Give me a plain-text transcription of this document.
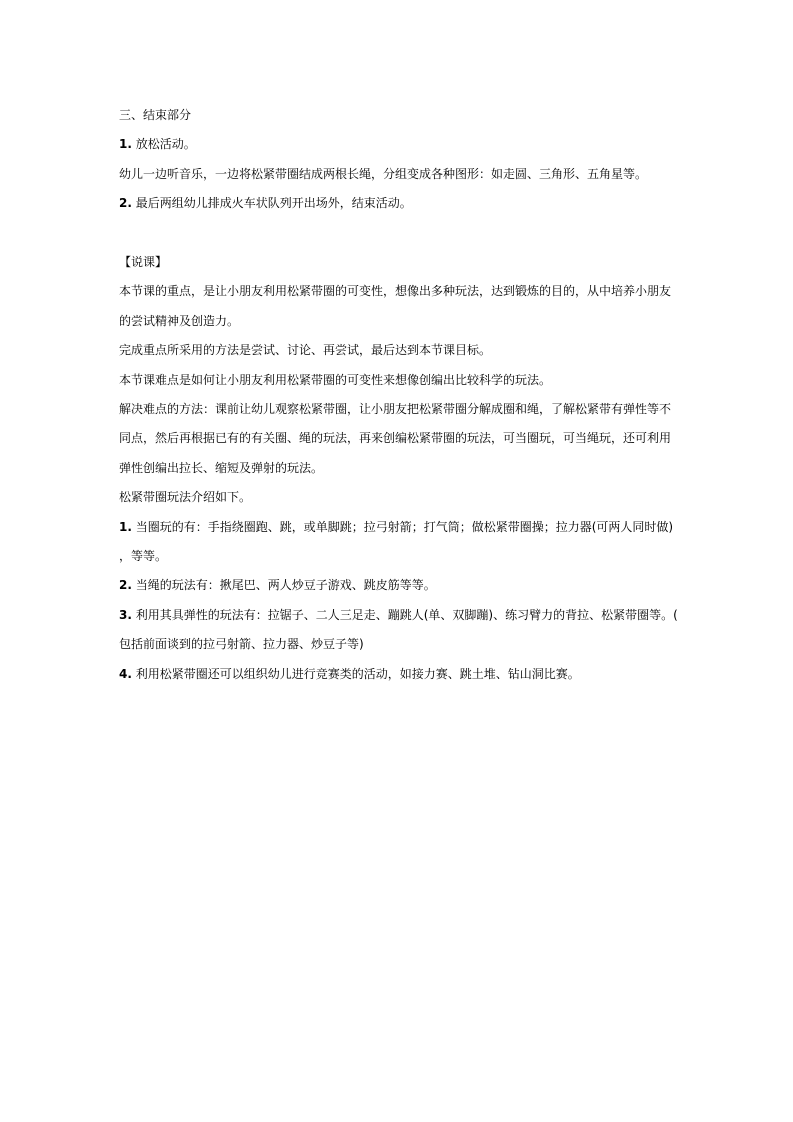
三、结束部分
1. 放松活动。
幼儿一边听音乐，一边将松紧带圈结成两根长绳，分组变成各种图形：如走圆、三角形、五角星等。
2. 最后两组幼儿排成火车状队列开出场外，结束活动。
【说课】
本节课的重点，是让小朋友利用松紧带圈的可变性，想像出多种玩法，达到锻炼的目的，从中培养小朋友的尝试精神及创造力。
完成重点所采用的方法是尝试、讨论、再尝试，最后达到本节课目标。
本节课难点是如何让小朋友利用松紧带圈的可变性来想像创编出比较科学的玩法。
解决难点的方法：课前让幼儿观察松紧带圈，让小朋友把松紧带圈分解成圈和绳，了解松紧带有弹性等不同点，然后再根据已有的有关圈、绳的玩法，再来创编松紧带圈的玩法，可当圈玩，可当绳玩，还可利用弹性创编出拉长、缩短及弹射的玩法。
松紧带圈玩法介绍如下。
1. 当圈玩的有：手指绕圈跑、跳，或单脚跳；拉弓射箭；打气筒；做松紧带圈操；拉力器(可两人同时做)，等等。
2. 当绳的玩法有：揪尾巴、两人炒豆子游戏、跳皮筋等等。
3. 利用其具弹性的玩法有：拉锯子、二人三足走、蹦跳人(单、双脚蹦)、练习臂力的背拉、松紧带圈等。(包括前面谈到的拉弓射箭、拉力器、炒豆子等)
4. 利用松紧带圈还可以组织幼儿进行竞赛类的活动，如接力赛、跳土堆、钻山洞比赛。
